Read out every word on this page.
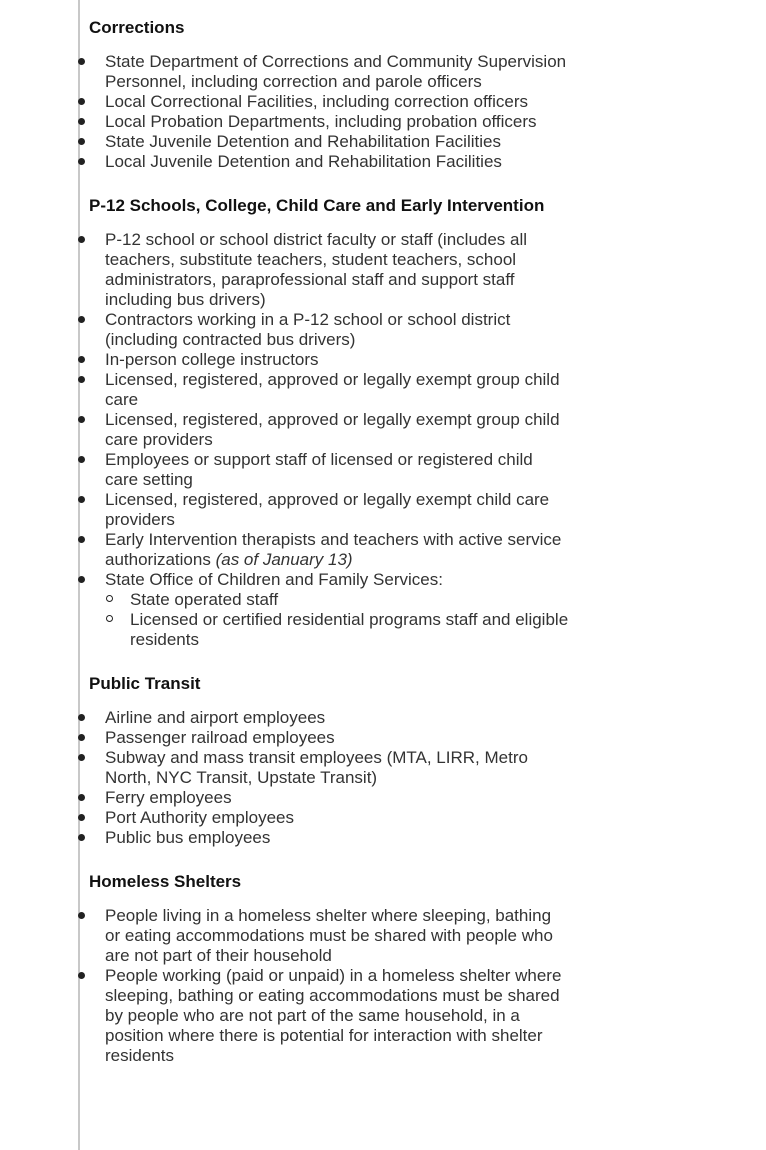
Corrections
State Department of Corrections and Community Supervision Personnel, including correction and parole officers
Local Correctional Facilities, including correction officers
Local Probation Departments, including probation officers
State Juvenile Detention and Rehabilitation Facilities
Local Juvenile Detention and Rehabilitation Facilities
P-12 Schools, College, Child Care and Early Intervention
P-12 school or school district faculty or staff (includes all teachers, substitute teachers, student teachers, school administrators, paraprofessional staff and support staff including bus drivers)
Contractors working in a P-12 school or school district (including contracted bus drivers)
In-person college instructors
Licensed, registered, approved or legally exempt group child care
Licensed, registered, approved or legally exempt group child care providers
Employees or support staff of licensed or registered child care setting
Licensed, registered, approved or legally exempt child care providers
Early Intervention therapists and teachers with active service authorizations (as of January 13)
State Office of Children and Family Services:
State operated staff
Licensed or certified residential programs staff and eligible residents
Public Transit
Airline and airport employees
Passenger railroad employees
Subway and mass transit employees (MTA, LIRR, Metro North, NYC Transit, Upstate Transit)
Ferry employees
Port Authority employees
Public bus employees
Homeless Shelters
People living in a homeless shelter where sleeping, bathing or eating accommodations must be shared with people who are not part of their household
People working (paid or unpaid) in a homeless shelter where sleeping, bathing or eating accommodations must be shared by people who are not part of the same household, in a position where there is potential for interaction with shelter residents
